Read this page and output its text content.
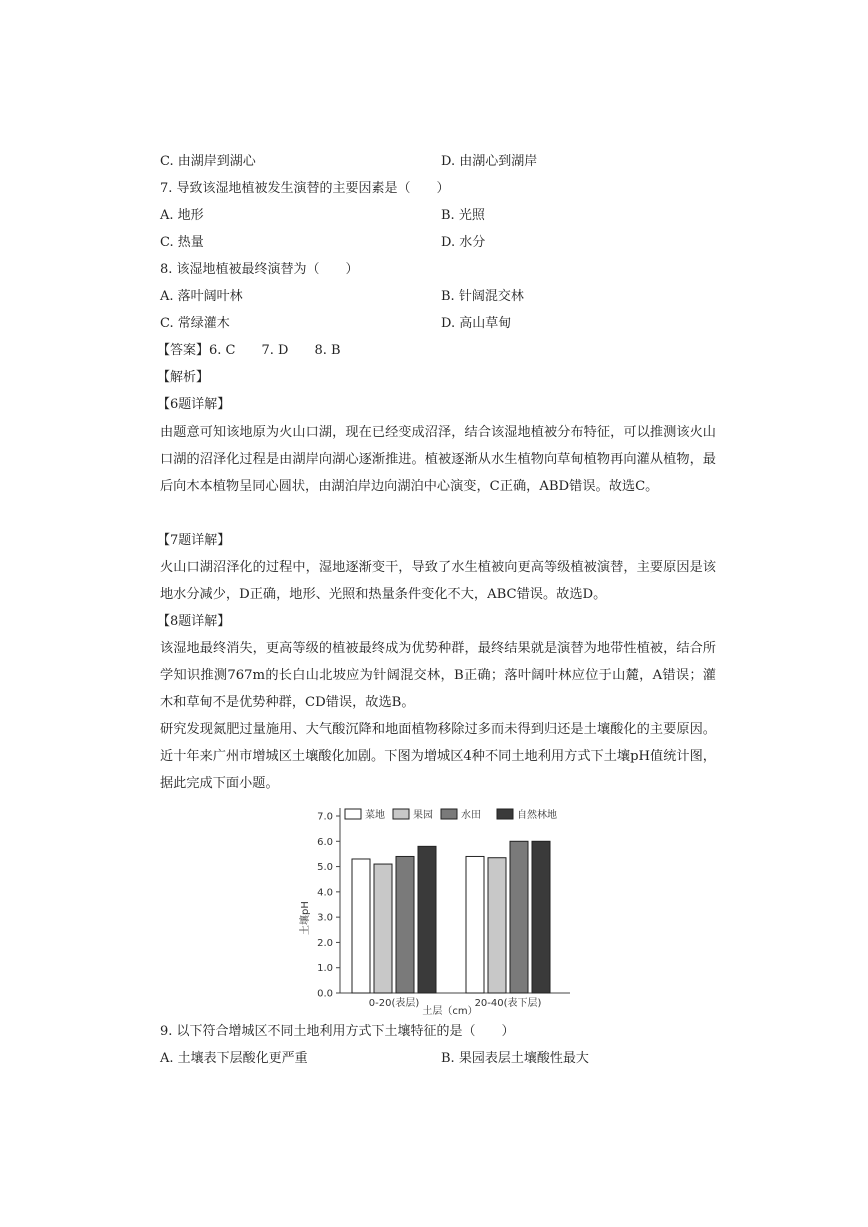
C. 由湖岸到湖心	D. 由湖心到湖岸
7. 导致该湿地植被发生演替的主要因素是（　　）
A. 地形	B. 光照
C. 热量	D. 水分
8. 该湿地植被最终演替为（　　）
A. 落叶阔叶林	B. 针阔混交林
C. 常绿灌木	D. 高山草甸
【答案】6. C　　7. D　　8. B
【解析】
【6题详解】
由题意可知该地原为火山口湖，现在已经变成沼泽，结合该湿地植被分布特征，可以推测该火山口湖的沼泽化过程是由湖岸向湖心逐渐推进。植被逐渐从水生植物向草甸植物再向灌从植物，最后向木本植物呈同心圆状，由湖泊岸边向湖泊中心演变，C正确，ABD错误。故选C。
【7题详解】
火山口湖沼泽化的过程中，湿地逐渐变干，导致了水生植被向更高等级植被演替，主要原因是该地水分减少，D正确，地形、光照和热量条件变化不大，ABC错误。故选D。
【8题详解】
该湿地最终消失，更高等级的植被最终成为优势种群，最终结果就是演替为地带性植被，结合所学知识推测767m的长白山北坡应为针阔混交林，B正确；落叶阔叶林应位于山麓，A错误；灌木和草甸不是优势种群，CD错误，故选B。
研究发现氮肥过量施用、大气酸沉降和地面植物移除过多而未得到归还是土壤酸化的主要原因。近十年来广州市增城区土壤酸化加剧。下图为增城区4种不同土地利用方式下土壤pH值统计图，据此完成下面小题。
0.0
1.0
2.0
3.0
4.0
5.0
6.0
7.0	菜地	果园	水田	自然林地
0-20(表层)	20-40(表下层)
土层（cm）
土壤pH
9. 以下符合增城区不同土地利用方式下土壤特征的是（　　）
A. 土壤表下层酸化更严重	B. 果园表层土壤酸性最大
